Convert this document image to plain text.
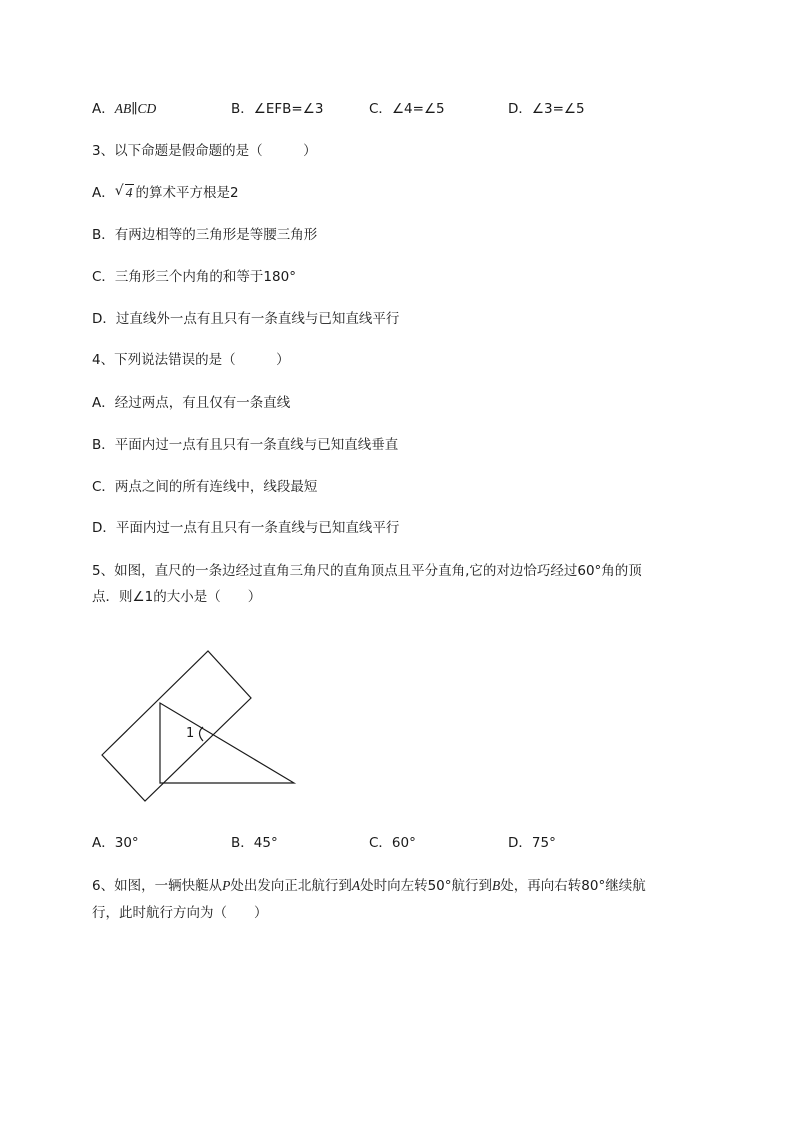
A．AB∥CD	B．∠EFB=∠3	C．∠4=∠5	D．∠3=∠5
3、以下命题是假命题的是（　　　）
A． √ 4 的算术平方根是2
B．有两边相等的三角形是等腰三角形
C．三角形三个内角的和等于180°
D．过直线外一点有且只有一条直线与已知直线平行
4、下列说法错误的是（　　　）
A．经过两点，有且仅有一条直线
B．平面内过一点有且只有一条直线与已知直线垂直
C．两点之间的所有连线中，线段最短
D．平面内过一点有且只有一条直线与已知直线平行
5、如图，直尺的一条边经过直角三角尺的直角顶点且平分直角,它的对边恰巧经过60°角的顶
点．则∠1的大小是（　　）
1
A．30°	B．45°	C．60°	D．75°
6、如图，一辆快艇从P处出发向正北航行到A处时向左转50°航行到B处，再向右转80°继续航
行，此时航行方向为（　　）
